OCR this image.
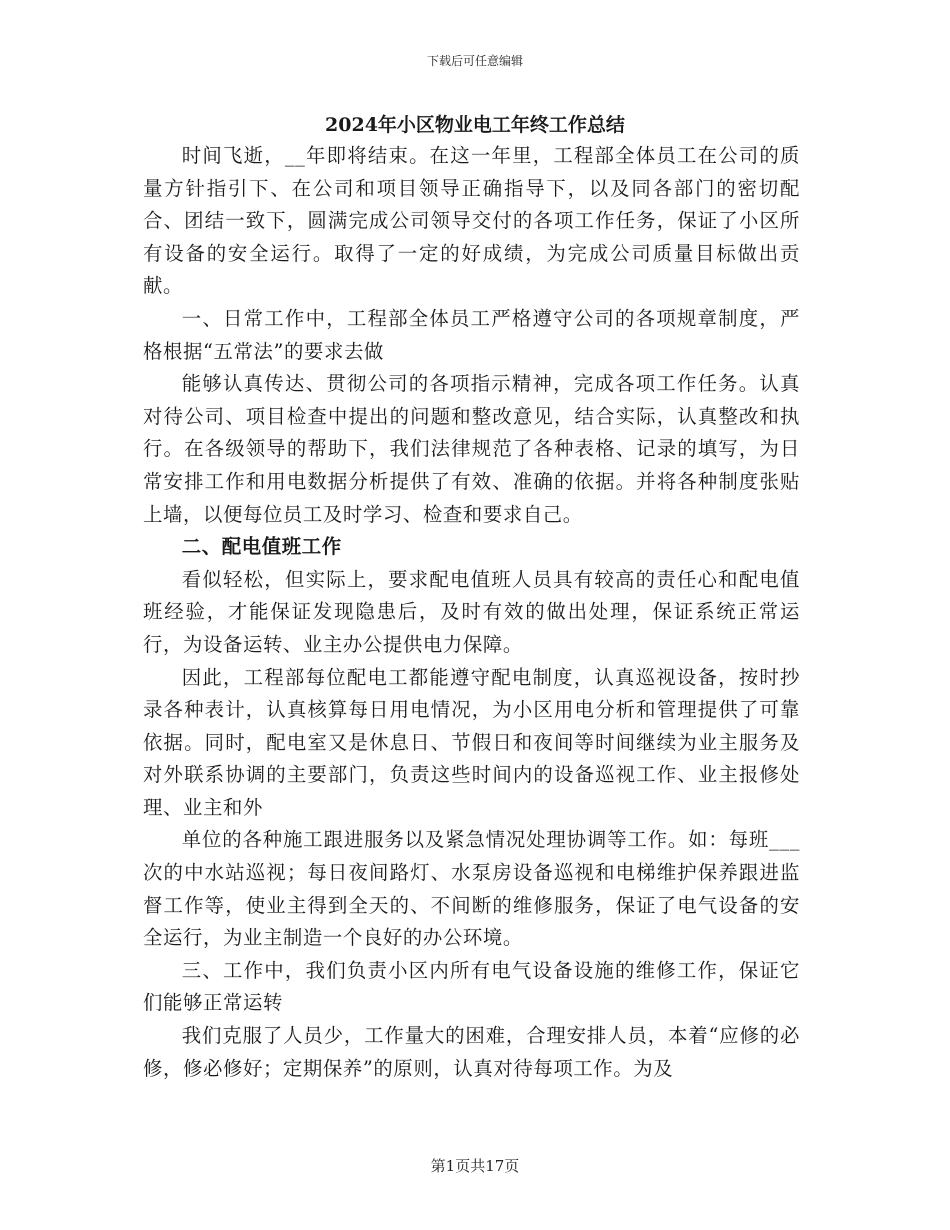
下载后可任意编辑
2024年小区物业电工年终工作总结

时间飞逝，__年即将结束。在这一年里，工程部全体员工在公司的质量方针指引下、在公司和项目领导正确指导下，以及同各部门的密切配合、团结一致下，圆满完成公司领导交付的各项工作任务，保证了小区所有设备的安全运行。取得了一定的好成绩，为完成公司质量目标做出贡献。

一、日常工作中，工程部全体员工严格遵守公司的各项规章制度，严格根据“五常法”的要求去做

能够认真传达、贯彻公司的各项指示精神，完成各项工作任务。认真对待公司、项目检查中提出的问题和整改意见，结合实际，认真整改和执行。在各级领导的帮助下，我们法律规范了各种表格、记录的填写，为日常安排工作和用电数据分析提供了有效、准确的依据。并将各种制度张贴上墙，以便每位员工及时学习、检查和要求自己。

二、配电值班工作

看似轻松，但实际上，要求配电值班人员具有较高的责任心和配电值班经验，才能保证发现隐患后，及时有效的做出处理，保证系统正常运行，为设备运转、业主办公提供电力保障。

因此，工程部每位配电工都能遵守配电制度，认真巡视设备，按时抄录各种表计，认真核算每日用电情况，为小区用电分析和管理提供了可靠依据。同时，配电室又是休息日、节假日和夜间等时间继续为业主服务及对外联系协调的主要部门，负责这些时间内的设备巡视工作、业主报修处理、业主和外

单位的各种施工跟进服务以及紧急情况处理协调等工作。如：每班___次的中水站巡视；每日夜间路灯、水泵房设备巡视和电梯维护保养跟进监督工作等，使业主得到全天的、不间断的维修服务，保证了电气设备的安全运行，为业主制造一个良好的办公环境。

三、工作中，我们负责小区内所有电气设备设施的维修工作，保证它们能够正常运转

我们克服了人员少，工作量大的困难，合理安排人员，本着“应修的必修，修必修好；定期保养”的原则，认真对待每项工作。为及

第1页共17页
